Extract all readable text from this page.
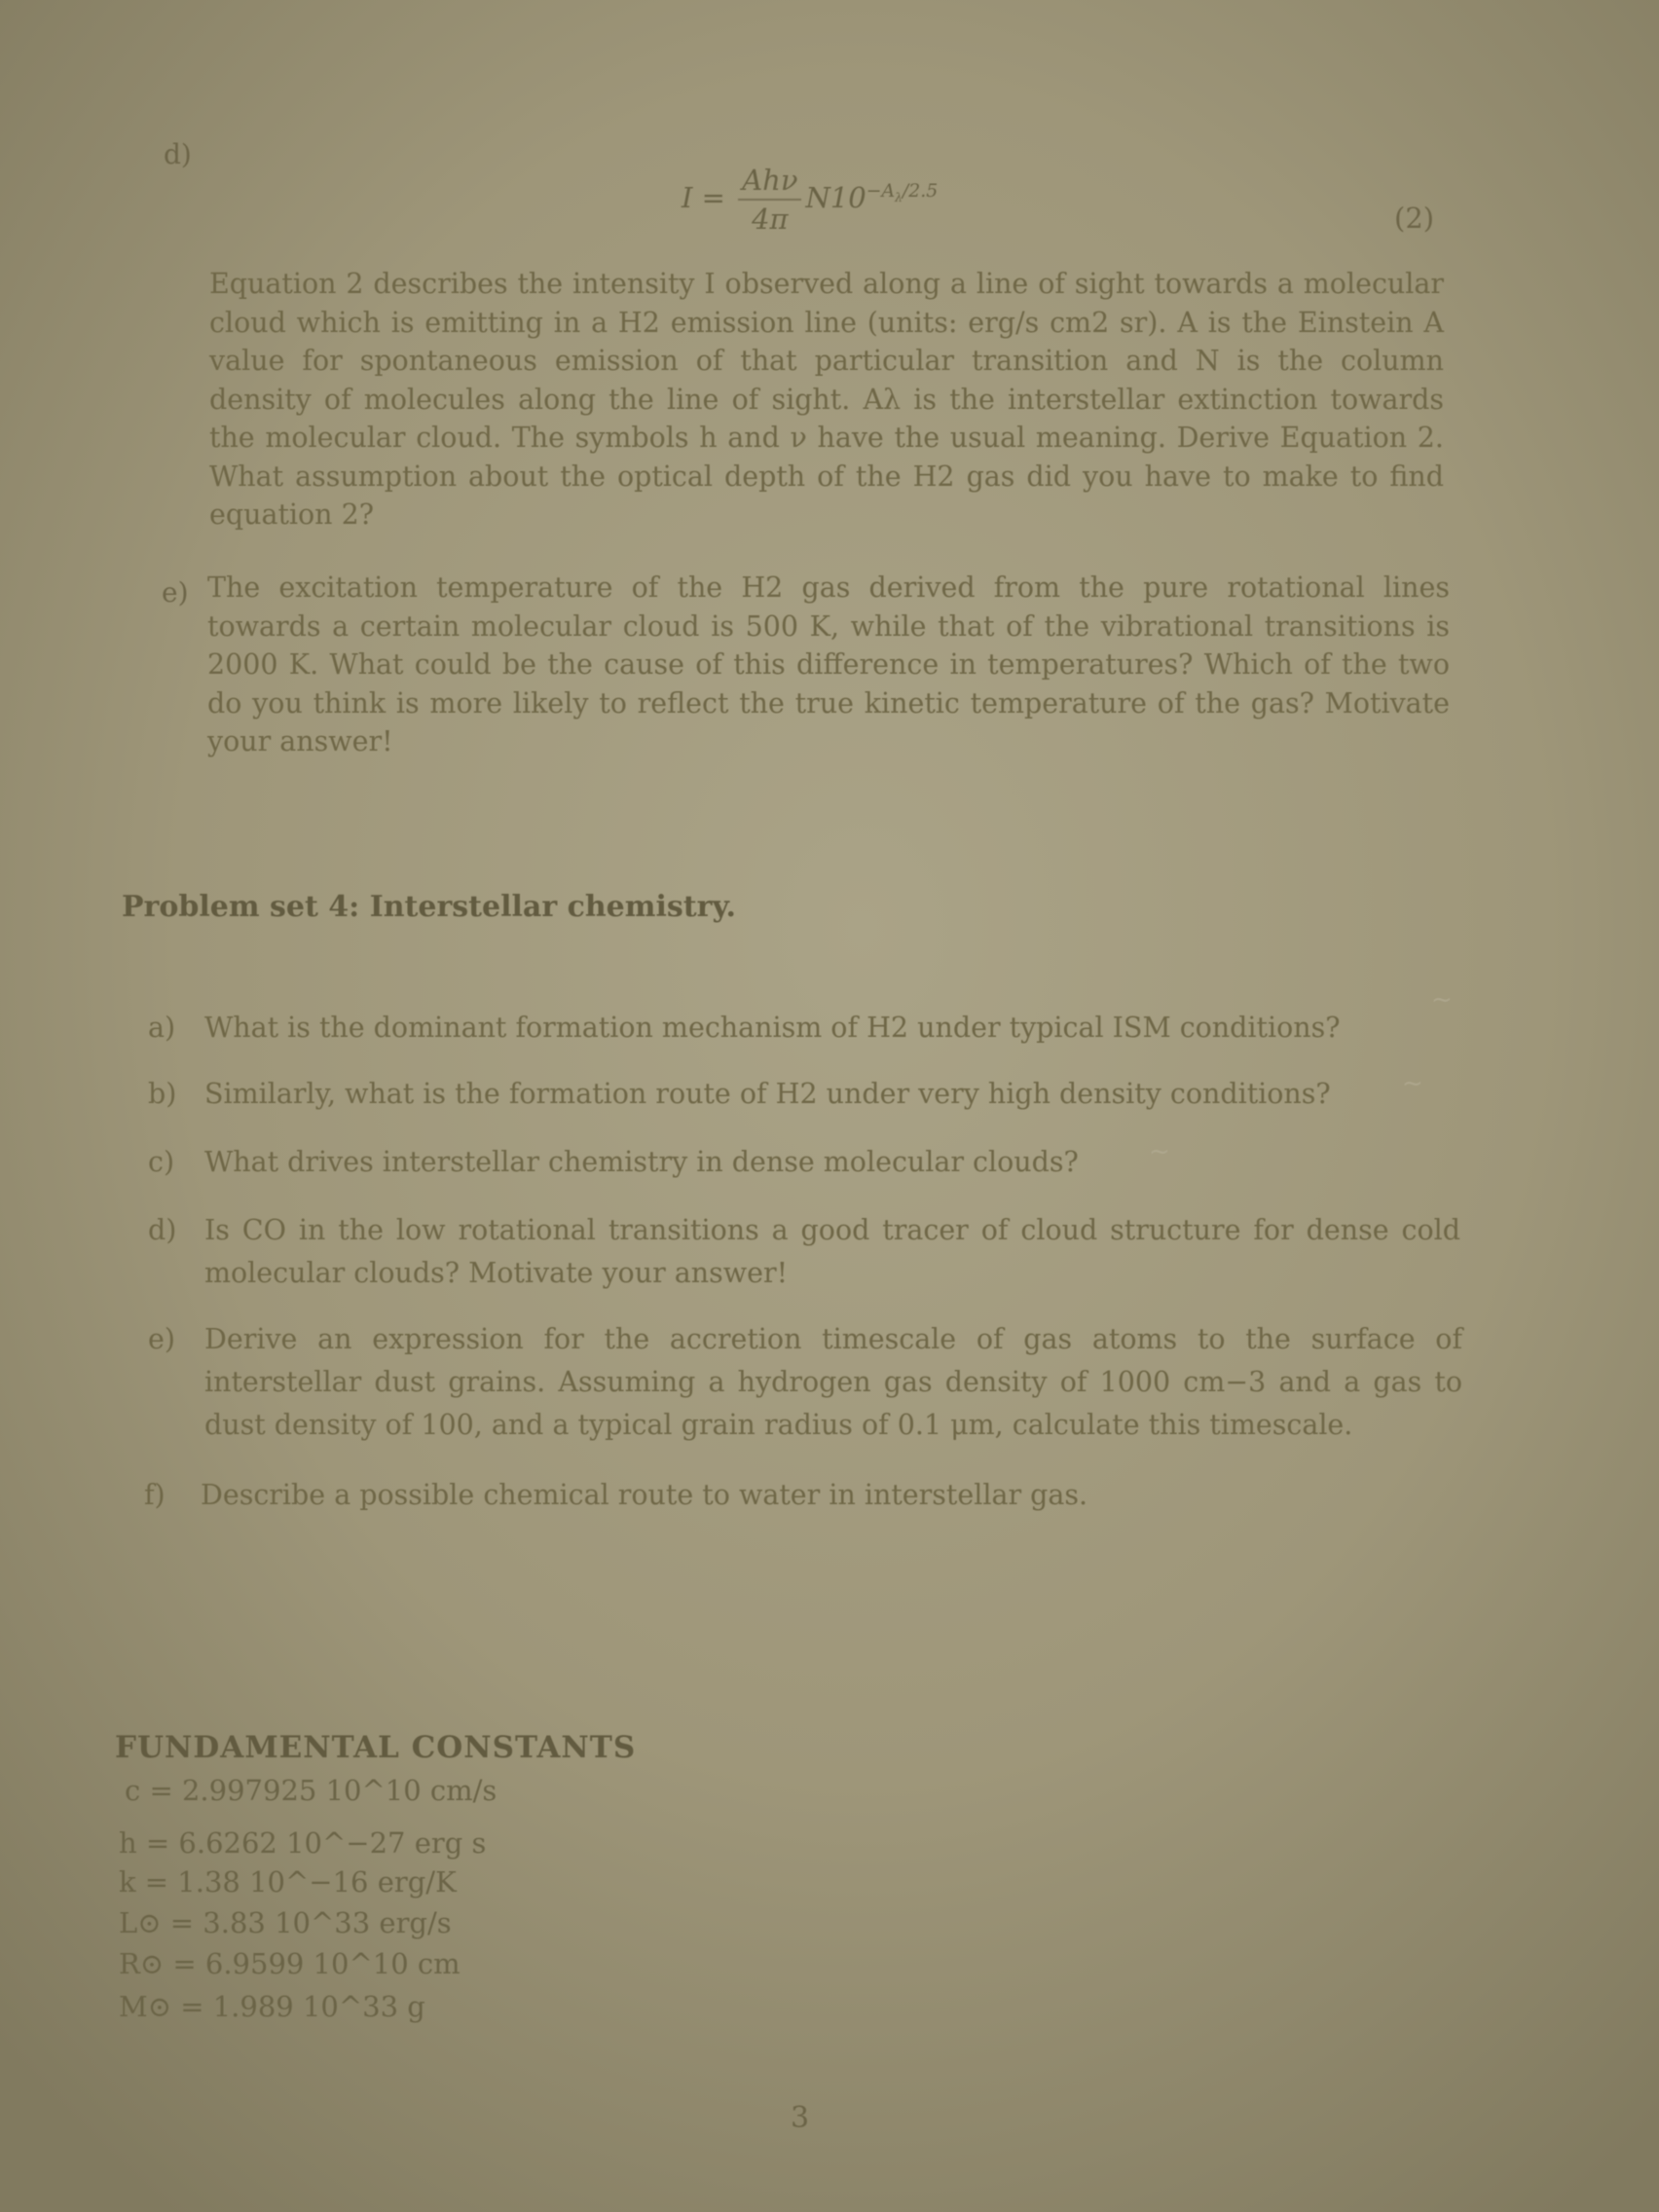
d)
$I = \frac{\text{Ahν}}{4\pi} N10^{-A_\lambda/2.5}$
(2)
Equation 2 describes the intensity I observed along a line of sight towards a molecular cloud which is emitting in a H2 emission line (units: erg/s cm2 sr). A is the Einstein A value for spontaneous emission of that particular transition and N is the column density of molecules along the line of sight. Aλ is the interstellar extinction towards the molecular cloud. The symbols h and ν have the usual meaning. Derive Equation 2. What assumption about the optical depth of the H2 gas did you have to make to find equation 2?
e) The excitation temperature of the H2 gas derived from the pure rotational lines towards a certain molecular cloud is 500 K, while that of the vibrational transitions is 2000 K. What could be the cause of this difference in temperatures? Which of the two do you think is more likely to reflect the true kinetic temperature of the gas? Motivate your answer!
Problem set 4: Interstellar chemistry.
a) What is the dominant formation mechanism of H2 under typical ISM conditions?
b) Similarly, what is the formation route of H2 under very high density conditions?
c) What drives interstellar chemistry in dense molecular clouds?
d) Is CO in the low rotational transitions a good tracer of cloud structure for dense cold molecular clouds? Motivate your answer!
e) Derive an expression for the accretion timescale of gas atoms to the surface of interstellar dust grains. Assuming a hydrogen gas density of 1000 cm−3 and a gas to dust density of 100, and a typical grain radius of 0.1 μm, calculate this timescale.
f) Describe a possible chemical route to water in interstellar gas.
~
~
~
FUNDAMENTAL CONSTANTS
c = 2.997925 10^10 cm/s
h = 6.6262 10^−27 erg s
k = 1.38 10^−16 erg/K
L⊙ = 3.83 10^33 erg/s
R⊙ = 6.9599 10^10 cm
M⊙ = 1.989 10^33 g
3
